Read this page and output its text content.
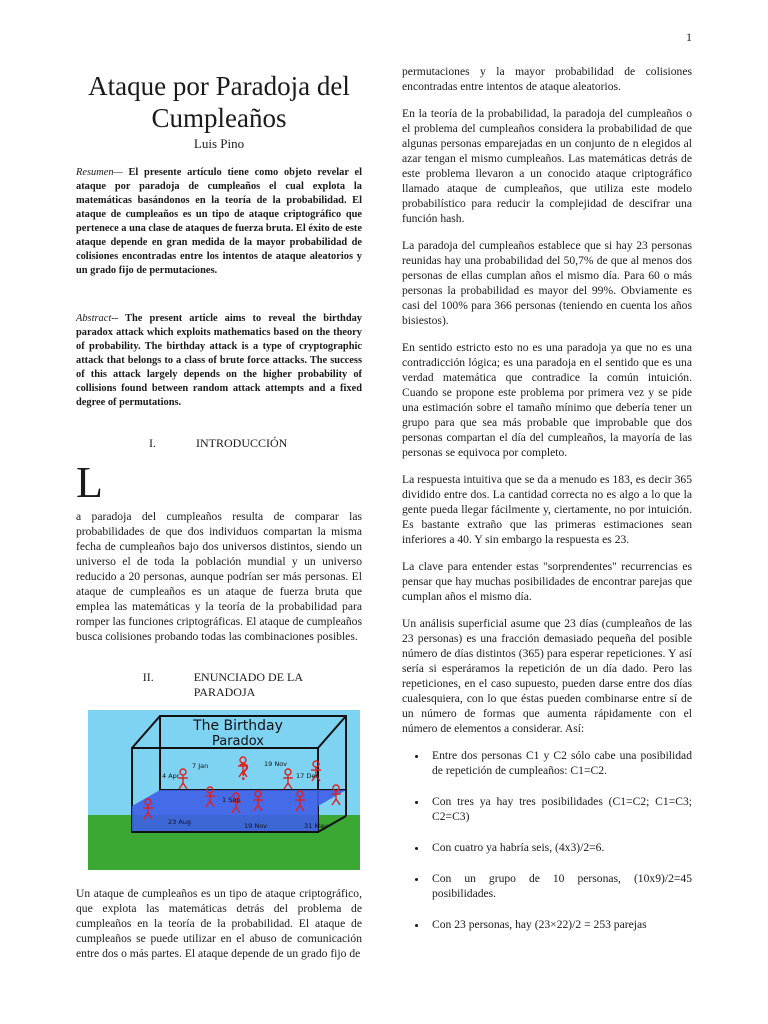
1
Ataque por Paradoja del
Cumpleaños
Luis Pino

Resumen— El presente artículo tiene como objeto revelar el ataque por paradoja de cumpleaños el cual explota la matemáticas basándonos en la teoría de la probabilidad. El ataque de cumpleaños es un tipo de ataque criptográfico que pertenece a una clase de ataques de fuerza bruta. El éxito de este ataque depende en gran medida de la mayor probabilidad de colisiones encontradas entre los intentos de ataque aleatorios y un grado fijo de permutaciones.

Abstract-- The present article aims to reveal the birthday paradox attack which exploits mathematics based on the theory of probability. The birthday attack is a type of cryptographic attack that belongs to a class of brute force attacks. The success of this attack largely depends on the higher probability of collisions found between random attack attempts and a fixed degree of permutations.

I.	INTRODUCCIÓN
L

a paradoja del cumpleaños resulta de comparar las probabilidades de que dos individuos compartan la misma fecha de cumpleaños bajo dos universos distintos, siendo un universo el de toda la población mundial y un universo reducido a 20 personas, aunque podrían ser más personas. El ataque de cumpleaños es un ataque de fuerza bruta que emplea las matemáticas y la teoría de la probabilidad para romper las funciones criptográficas. El ataque de cumpleaños busca colisiones probando todas las combinaciones posibles.

II.	ENUNCIADO DE LA PARADOJA
The Birthday
Paradox
?
7 Jan	19 Nov
4 Apr	17 Dec
1 Sep
23 Aug	19 Nov	31 May

Un ataque de cumpleaños es un tipo de ataque criptográfico, que explota las matemáticas detrás del problema de cumpleaños en la teoría de la probabilidad. El ataque de cumpleaños se puede utilizar en el abuso de comunicación entre dos o más partes. El ataque depende de un grado fijo de

permutaciones y la mayor probabilidad de colisiones encontradas entre intentos de ataque aleatorios.

En la teoría de la probabilidad, la paradoja del cumpleaños o el problema del cumpleaños considera la probabilidad de que algunas personas emparejadas en un conjunto de n elegidos al azar tengan el mismo cumpleaños. Las matemáticas detrás de este problema llevaron a un conocido ataque criptográfico llamado ataque de cumpleaños, que utiliza este modelo probabilístico para reducir la complejidad de descifrar una función hash.

La paradoja del cumpleaños establece que si hay 23 personas reunidas hay una probabilidad del 50,7% de que al menos dos personas de ellas cumplan años el mismo día. Para 60 o más personas la probabilidad es mayor del 99%. Obviamente es casi del 100% para 366 personas (teniendo en cuenta los años bisiestos).

En sentido estricto esto no es una paradoja ya que no es una contradicción lógica; es una paradoja en el sentido que es una verdad matemática que contradice la común intuición. Cuando se propone este problema por primera vez y se pide una estimación sobre el tamaño mínimo que debería tener un grupo para que sea más probable que improbable que dos personas compartan el día del cumpleaños, la mayoría de las personas se equivoca por completo.

La respuesta intuitiva que se da a menudo es 183, es decir 365 dividido entre dos. La cantidad correcta no es algo a lo que la gente pueda llegar fácilmente y, ciertamente, no por intuición. Es bastante extraño que las primeras estimaciones sean inferiores a 40. Y sin embargo la respuesta es 23.

La clave para entender estas "sorprendentes" recurrencias es pensar que hay muchas posibilidades de encontrar parejas que cumplan años el mismo día.

Un análisis superficial asume que 23 días (cumpleaños de las 23 personas) es una fracción demasiado pequeña del posible número de días distintos (365) para esperar repeticiones. Y así sería si esperáramos la repetición de un día dado. Pero las repeticiones, en el caso supuesto, pueden darse entre dos días cualesquiera, con lo que éstas pueden combinarse entre sí de un número de formas que aumenta rápidamente con el número de elementos a considerar. Así:

• Entre dos personas C1 y C2 sólo cabe una posibilidad de repetición de cumpleaños: C1=C2.
• Con tres ya hay tres posibilidades (C1=C2; C1=C3; C2=C3)
• Con cuatro ya habría seis, (4x3)/2=6.
• Con un grupo de 10 personas, (10x9)/2=45 posibilidades.
• Con 23 personas, hay (23×22)/2 = 253 parejas
